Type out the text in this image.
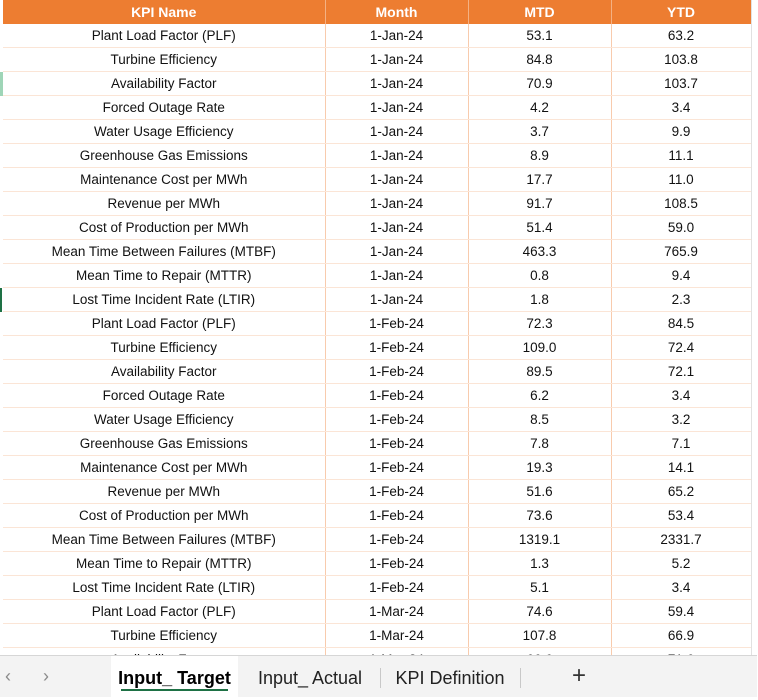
KPI Name	Month	MTD	YTD
Plant Load Factor (PLF)	1-Jan-24	53.1	63.2
Turbine Efficiency	1-Jan-24	84.8	103.8
Availability Factor	1-Jan-24	70.9	103.7
Forced Outage Rate	1-Jan-24	4.2	3.4
Water Usage Efficiency	1-Jan-24	3.7	9.9
Greenhouse Gas Emissions	1-Jan-24	8.9	11.1
Maintenance Cost per MWh	1-Jan-24	17.7	11.0
Revenue per MWh	1-Jan-24	91.7	108.5
Cost of Production per MWh	1-Jan-24	51.4	59.0
Mean Time Between Failures (MTBF)	1-Jan-24	463.3	765.9
Mean Time to Repair (MTTR)	1-Jan-24	0.8	9.4
Lost Time Incident Rate (LTIR)	1-Jan-24	1.8	2.3
Plant Load Factor (PLF)	1-Feb-24	72.3	84.5
Turbine Efficiency	1-Feb-24	109.0	72.4
Availability Factor	1-Feb-24	89.5	72.1
Forced Outage Rate	1-Feb-24	6.2	3.4
Water Usage Efficiency	1-Feb-24	8.5	3.2
Greenhouse Gas Emissions	1-Feb-24	7.8	7.1
Maintenance Cost per MWh	1-Feb-24	19.3	14.1
Revenue per MWh	1-Feb-24	51.6	65.2
Cost of Production per MWh	1-Feb-24	73.6	53.4
Mean Time Between Failures (MTBF)	1-Feb-24	1319.1	2331.7
Mean Time to Repair (MTTR)	1-Feb-24	1.3	5.2
Lost Time Incident Rate (LTIR)	1-Feb-24	5.1	3.4
Plant Load Factor (PLF)	1-Mar-24	74.6	59.4
Turbine Efficiency	1-Mar-24	107.8	66.9

‹ ›	Input_ Target	Input_ Actual	KPI Definition	+
